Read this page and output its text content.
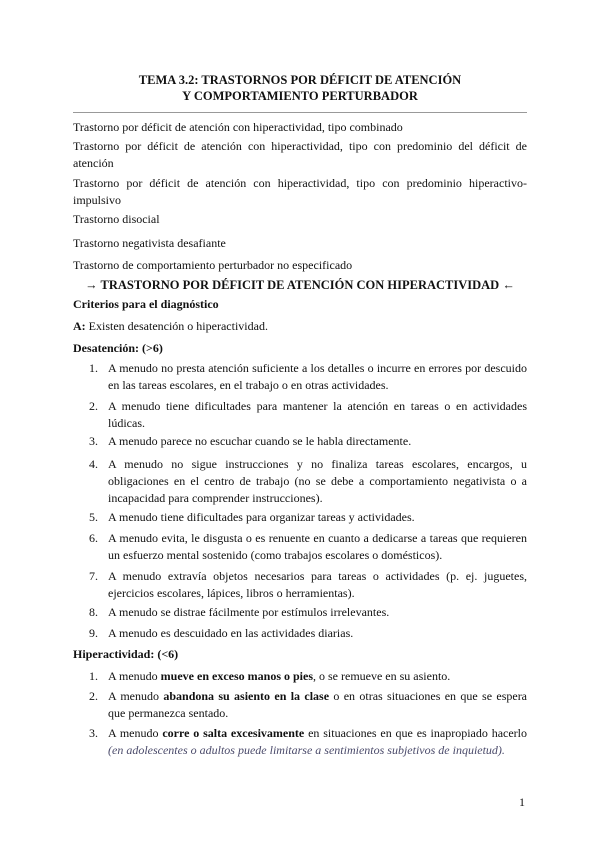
TEMA 3.2: TRASTORNOS POR DÉFICIT DE ATENCIÓN
Y COMPORTAMIENTO PERTURBADOR
Trastorno por déficit de atención con hiperactividad, tipo combinado
Trastorno por déficit de atención con hiperactividad, tipo con predominio del déficit de atención
Trastorno por déficit de atención con hiperactividad, tipo con predominio hiperactivo-impulsivo
Trastorno disocial
Trastorno negativista desafiante
Trastorno de comportamiento perturbador no especificado
→ TRASTORNO POR DÉFICIT DE ATENCIÓN CON HIPERACTIVIDAD ←
Criterios para el diagnóstico
A: Existen desatención o hiperactividad.
Desatención: (>6)
1. A menudo no presta atención suficiente a los detalles o incurre en errores por descuido en las tareas escolares, en el trabajo o en otras actividades.
2. A menudo tiene dificultades para mantener la atención en tareas o en actividades lúdicas.
3. A menudo parece no escuchar cuando se le habla directamente.
4. A menudo no sigue instrucciones y no finaliza tareas escolares, encargos, u obligaciones en el centro de trabajo (no se debe a comportamiento negativista o a incapacidad para comprender instrucciones).
5. A menudo tiene dificultades para organizar tareas y actividades.
6. A menudo evita, le disgusta o es renuente en cuanto a dedicarse a tareas que requieren un esfuerzo mental sostenido (como trabajos escolares o domésticos).
7. A menudo extravía objetos necesarios para tareas o actividades (p. ej. juguetes, ejercicios escolares, lápices, libros o herramientas).
8. A menudo se distrae fácilmente por estímulos irrelevantes.
9. A menudo es descuidado en las actividades diarias.
Hiperactividad: (<6)
1. A menudo mueve en exceso manos o pies, o se remueve en su asiento.
2. A menudo abandona su asiento en la clase o en otras situaciones en que se espera que permanezca sentado.
3. A menudo corre o salta excesivamente en situaciones en que es inapropiado hacerlo (en adolescentes o adultos puede limitarse a sentimientos subjetivos de inquietud).
1
